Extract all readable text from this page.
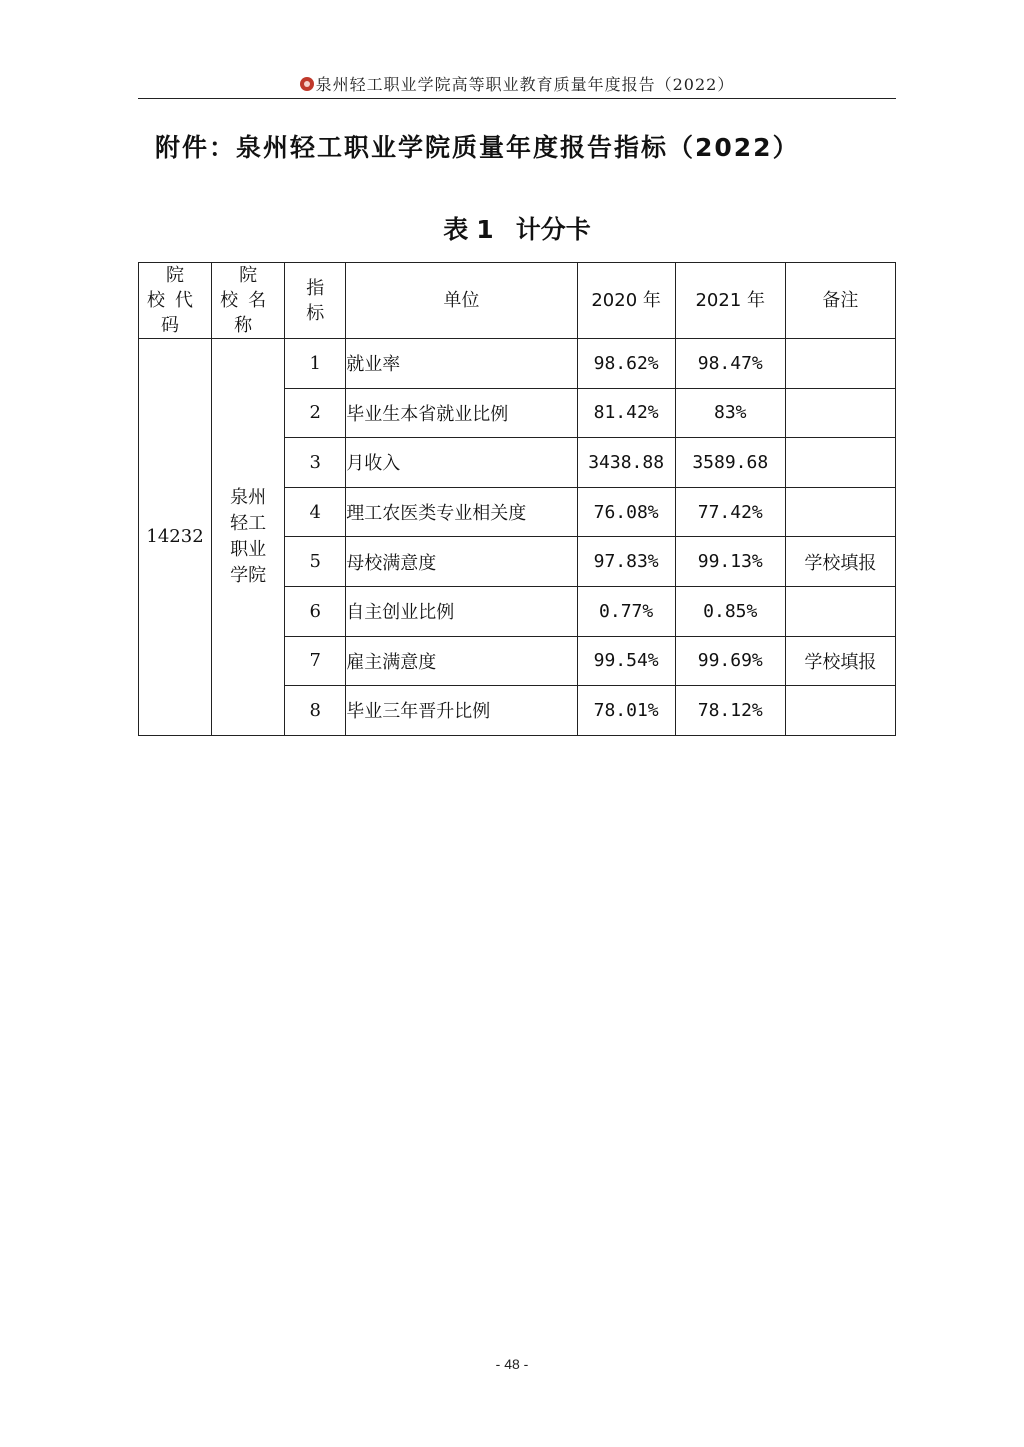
泉州轻工职业学院高等职业教育质量年度报告（2022）
附件：泉州轻工职业学院质量年度报告指标（2022）
表 1 计分卡
院校代码	院校名称	指标	单位	2020 年	2021 年	备注
14232	泉州轻工职业学院	1	就业率	98.62%	98.47%	
		2	毕业生本省就业比例	81.42%	83%	
		3	月收入	3438.88	3589.68	
		4	理工农医类专业相关度	76.08%	77.42%	
		5	母校满意度	97.83%	99.13%	学校填报
		6	自主创业比例	0.77%	0.85%	
		7	雇主满意度	99.54%	99.69%	学校填报
		8	毕业三年晋升比例	78.01%	78.12%	
- 48 -
